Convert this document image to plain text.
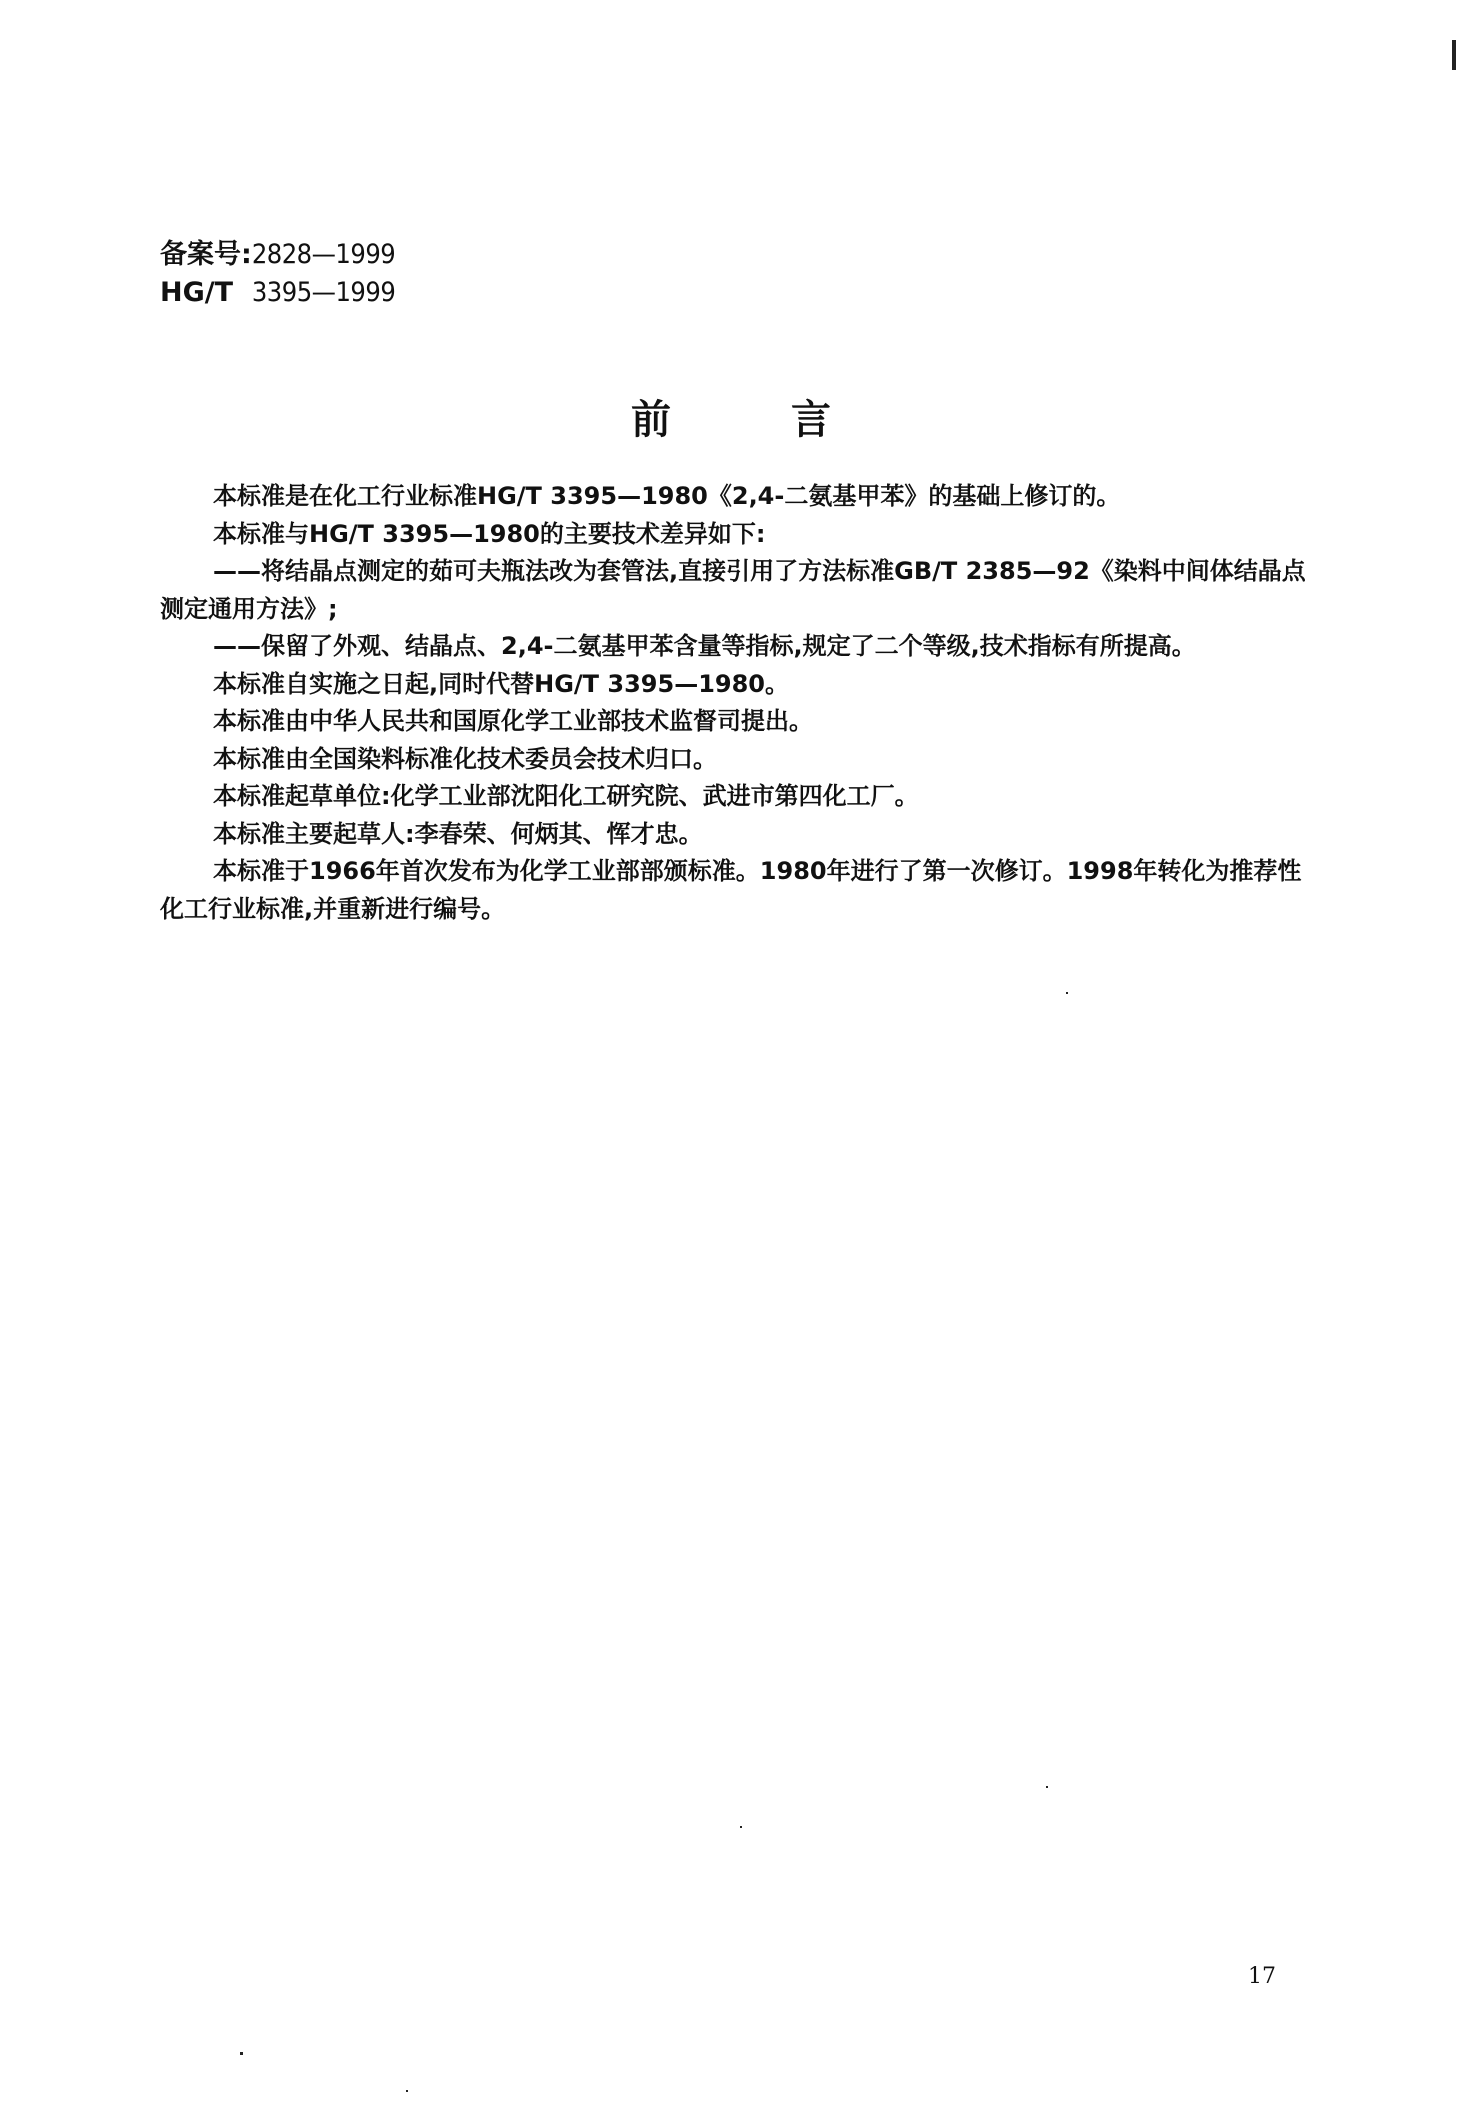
备案号:2828—1999
HG/T 3395—1999
前言

本标准是在化工行业标准HG/T 3395—1980《2,4-二氨基甲苯》的基础上修订的。

本标准与HG/T 3395—1980的主要技术差异如下:

——将结晶点测定的茹可夫瓶法改为套管法,直接引用了方法标准GB/T 2385—92《染料中间体结晶点测定通用方法》;

——保留了外观、结晶点、2,4-二氨基甲苯含量等指标,规定了二个等级,技术指标有所提高。

本标准自实施之日起,同时代替HG/T 3395—1980。

本标准由中华人民共和国原化学工业部技术监督司提出。

本标准由全国染料标准化技术委员会技术归口。

本标准起草单位:化学工业部沈阳化工研究院、武进市第四化工厂。

本标准主要起草人:李春荣、何炳其、恽才忠。

本标准于1966年首次发布为化学工业部部颁标准。1980年进行了第一次修订。1998年转化为推荐性化工行业标准,并重新进行编号。

17
